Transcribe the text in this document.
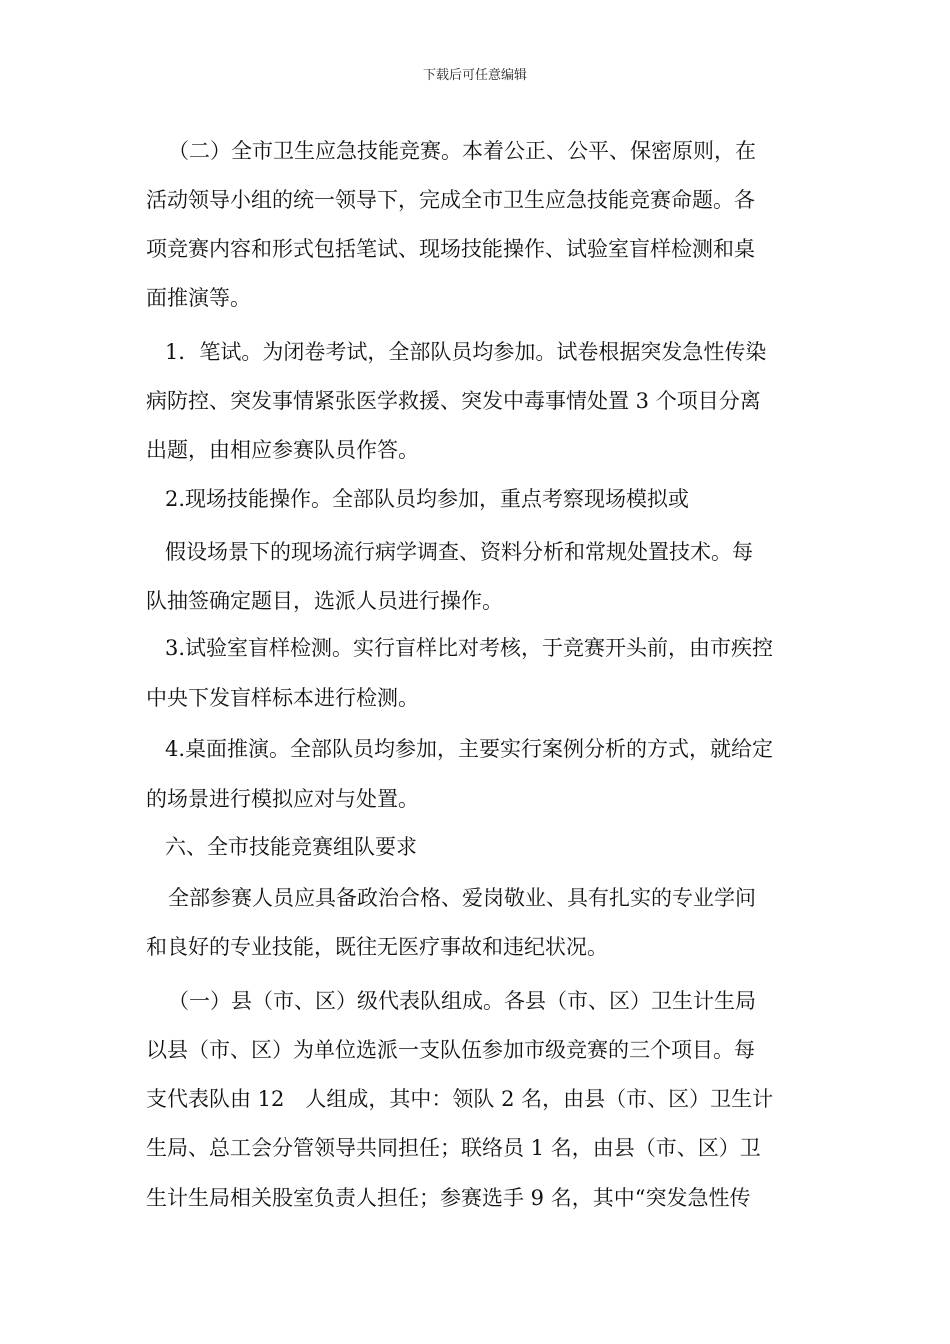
下载后可任意编辑
（二）全市卫生应急技能竞赛。本着公正、公平、保密原则，在
活动领导小组的统一领导下，完成全市卫生应急技能竞赛命题。各
项竞赛内容和形式包括笔试、现场技能操作、试验室盲样检测和桌
面推演等。
1．笔试。为闭卷考试，全部队员均参加。试卷根据突发急性传染
病防控、突发事情紧张医学救援、突发中毒事情处置 3 个项目分离
出题，由相应参赛队员作答。
2.现场技能操作。全部队员均参加，重点考察现场模拟或
假设场景下的现场流行病学调查、资料分析和常规处置技术。每
队抽签确定题目，选派人员进行操作。
3.试验室盲样检测。实行盲样比对考核，于竞赛开头前，由市疾控
中央下发盲样标本进行检测。
4.桌面推演。全部队员均参加，主要实行案例分析的方式，就给定
的场景进行模拟应对与处置。
六、全市技能竞赛组队要求
全部参赛人员应具备政治合格、爱岗敬业、具有扎实的专业学问
和良好的专业技能，既往无医疗事故和违纪状况。
（一）县（市、区）级代表队组成。各县（市、区）卫生计生局
以县（市、区）为单位选派一支队伍参加市级竞赛的三个项目。每
支代表队由 12　人组成，其中：领队 2 名，由县（市、区）卫生计
生局、总工会分管领导共同担任；联络员 1 名，由县（市、区）卫
生计生局相关股室负责人担任；参赛选手 9 名，其中“突发急性传
